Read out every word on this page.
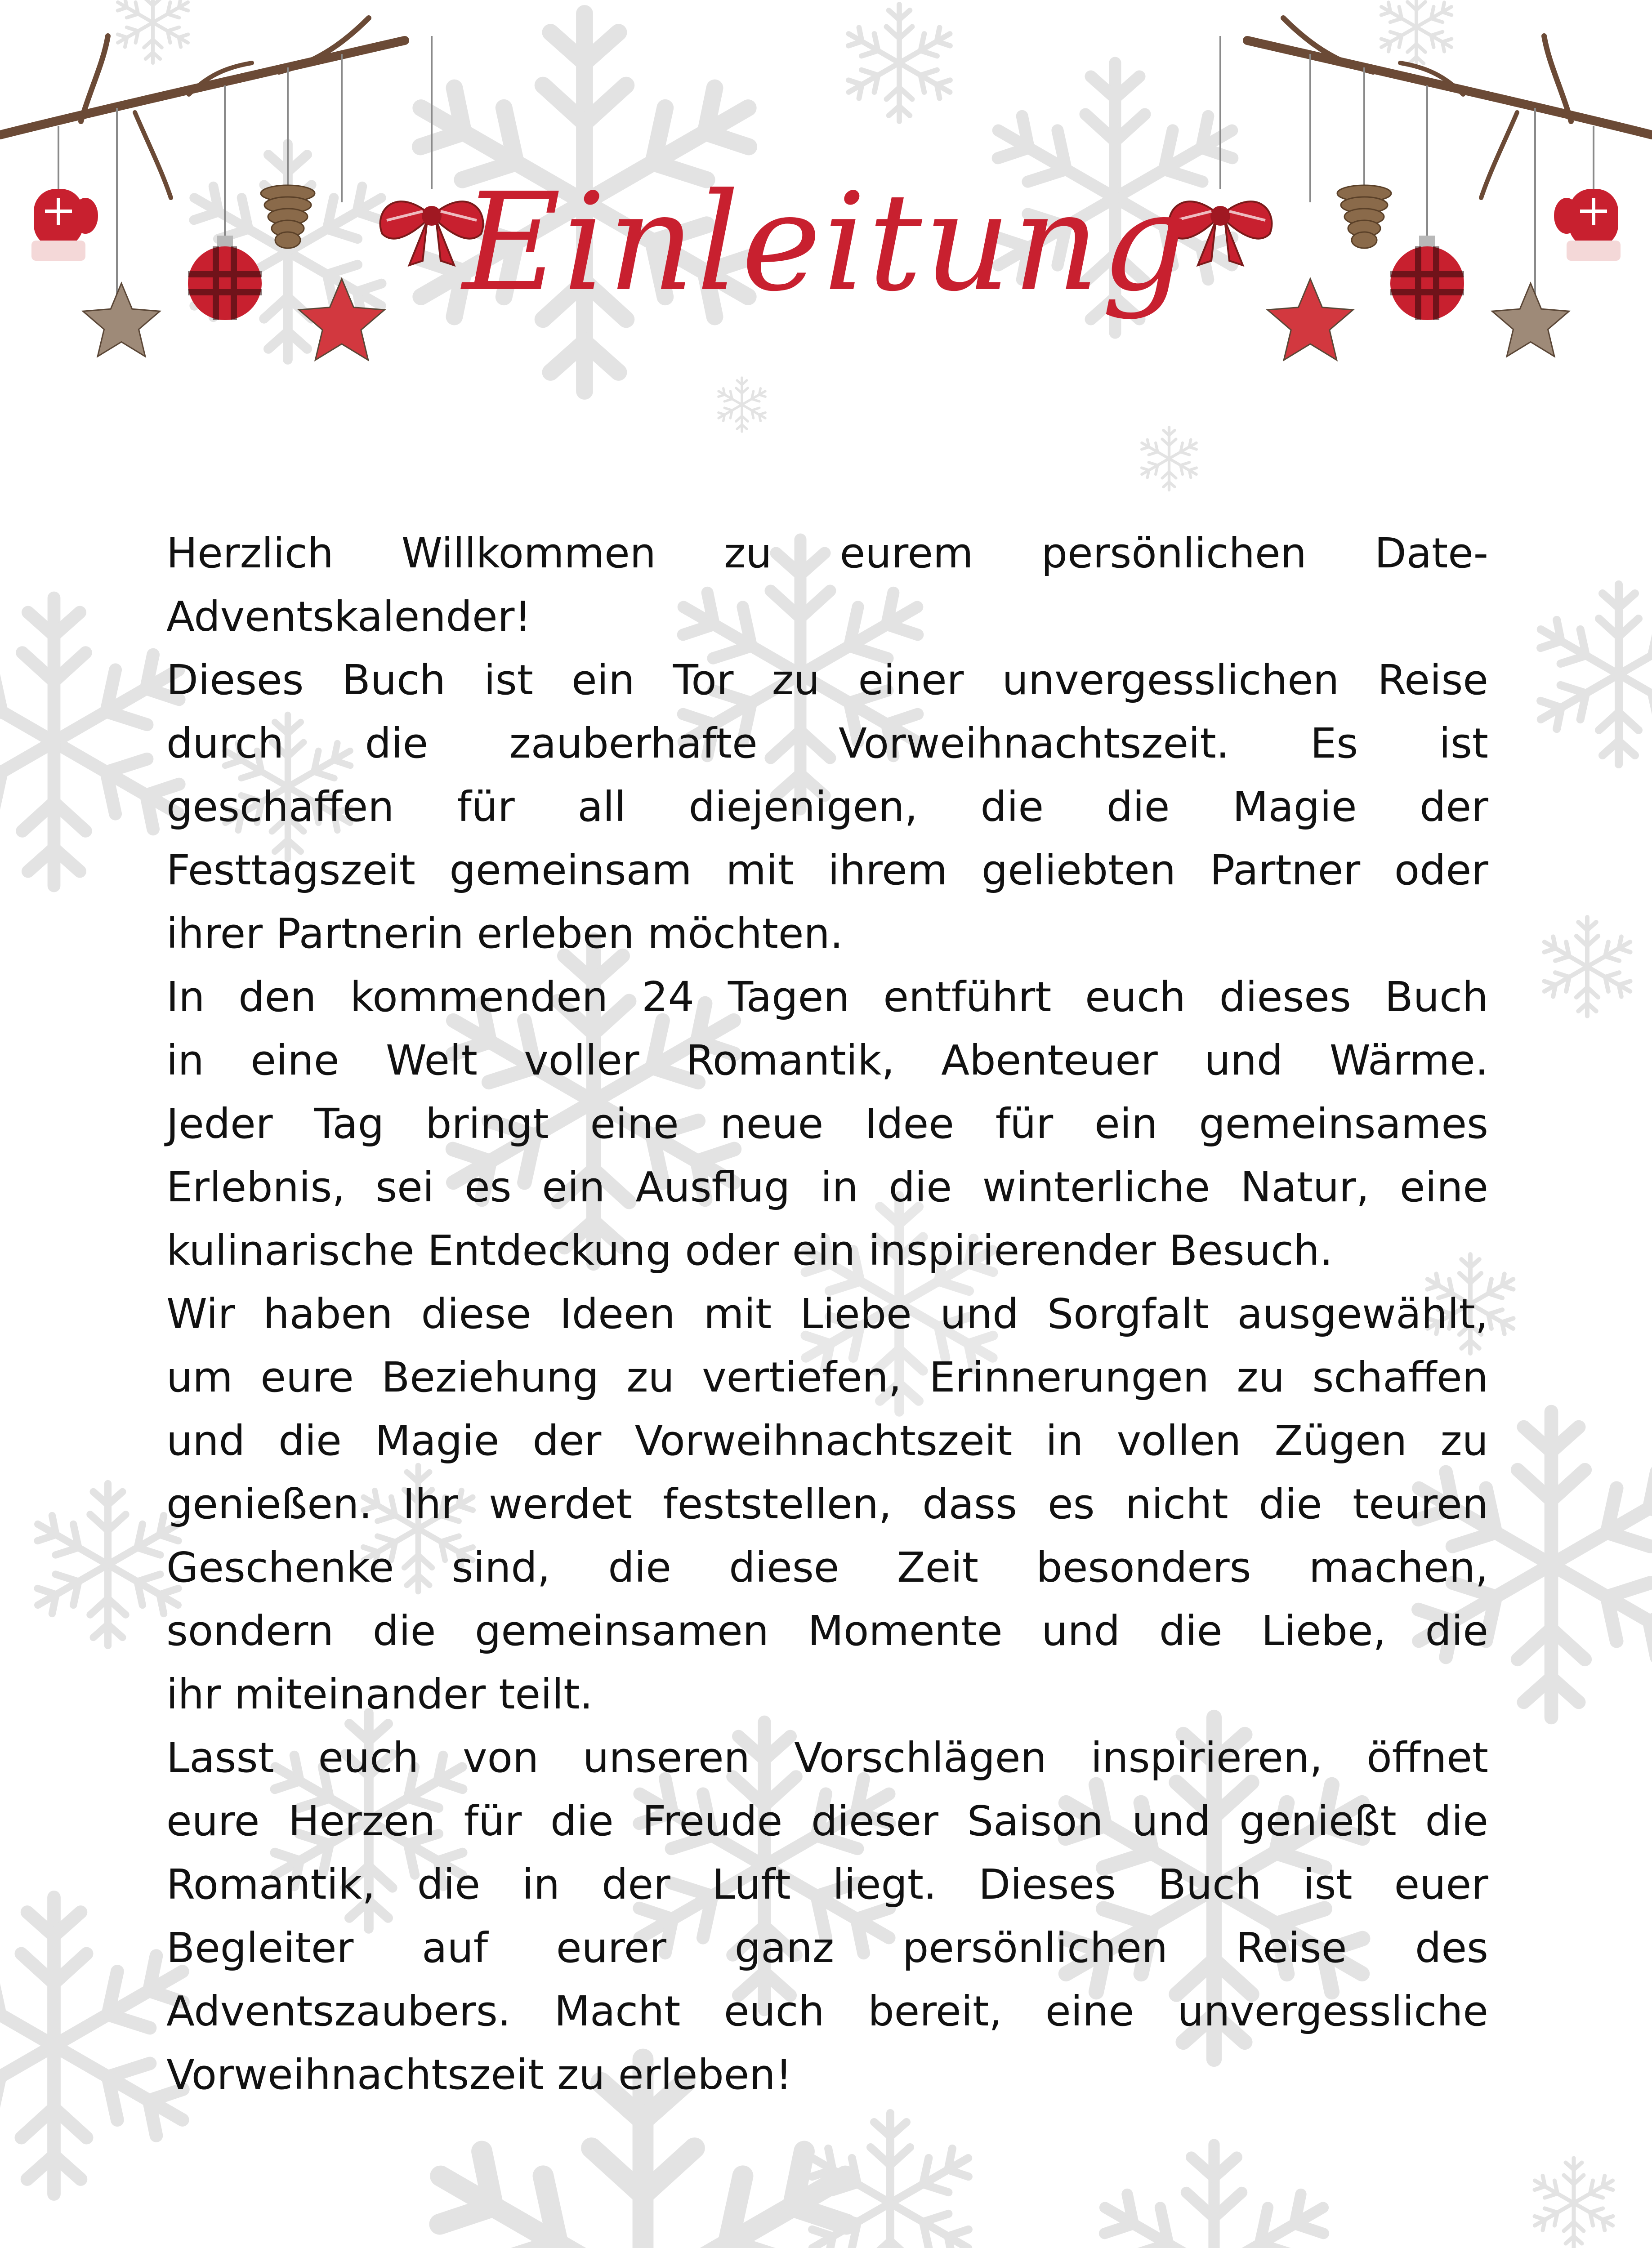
Einleitung

Herzlich Willkommen zu eurem persönlichen Date-
Adventskalender!

Dieses Buch ist ein Tor zu einer unvergesslichen Reise
durch die zauberhafte Vorweihnachtszeit. Es ist
geschaffen für all diejenigen, die die Magie der
Festtagszeit gemeinsam mit ihrem geliebten Partner oder
ihrer Partnerin erleben möchten.

In den kommenden 24 Tagen entführt euch dieses Buch
in eine Welt voller Romantik, Abenteuer und Wärme.
Jeder Tag bringt eine neue Idee für ein gemeinsames
Erlebnis, sei es ein Ausflug in die winterliche Natur, eine
kulinarische Entdeckung oder ein inspirierender Besuch.

Wir haben diese Ideen mit Liebe und Sorgfalt ausgewählt,
um eure Beziehung zu vertiefen, Erinnerungen zu schaffen
und die Magie der Vorweihnachtszeit in vollen Zügen zu
genießen. Ihr werdet feststellen, dass es nicht die teuren
Geschenke sind, die diese Zeit besonders machen,
sondern die gemeinsamen Momente und die Liebe, die
ihr miteinander teilt.

Lasst euch von unseren Vorschlägen inspirieren, öffnet
eure Herzen für die Freude dieser Saison und genießt die
Romantik, die in der Luft liegt. Dieses Buch ist euer
Begleiter auf eurer ganz persönlichen Reise des
Adventszaubers. Macht euch bereit, eine unvergessliche
Vorweihnachtszeit zu erleben!
